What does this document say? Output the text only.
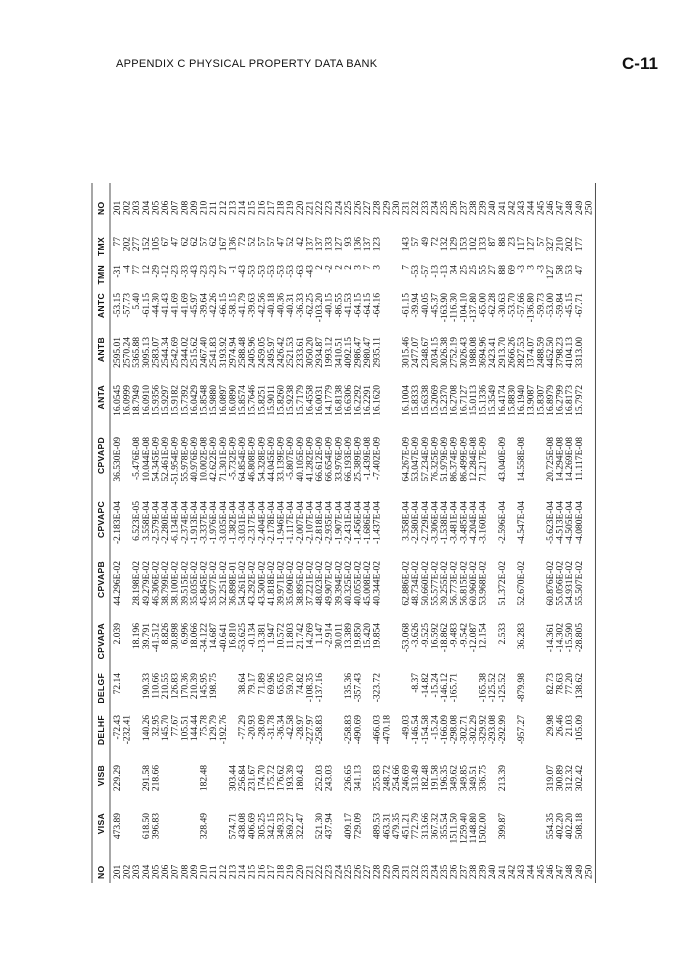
APPENDIX C PHYSICAL PROPERTY DATA BANK	C-11
NO
VISA
VISB
DELHF
DELGF
CPVAPA
CPVAPB
CPVAPC
CPVAPD
ANTA
ANTB
ANTC
TMN
TMX
NO
201
473.89
229.29
-72.43
72.14
2.039
44.296E-02
-2.183E-04
36.530E-09
16.0545
2595.01
-53.15
-31
77
201
202
-232.41
16.0999
2570.24
-57.73
-4
202
202
203
18.196
28.198E-02
6.523E-05
-5.476E-08
18.7949
5365.88
5.40
77
277
203
204
618.50
291.58
140.26
190.33
39.791
49.279E-02
3.558E-04
10.044E-08
16.0910
3095.13
-61.15
12
152
204
205
396.83
218.66
32.95
110.66
-41.512
46.306E-02
-2.579E-04
54.345E-09
15.9356
2583.07
-44.30
-29
105
205
206
145.70
210.55
8.826
38.799E-02
-2.280E-04
52.461E-09
15.9297
2544.34
-41.43
-12
67
206
207
77.67
126.83
30.898
38.100E-02
-6.134E-04
-51.954E-09
15.9182
2542.69
-41.69
-23
47
207
208
105.51
170.36
6.996
39.515E-02
-2.374E-04
55.978E-09
15.7392
2344.02
-41.69
-33
62
208
209
144.44
210.39
18.066
35.035E-02
-1.913E-04
40.976E-09
16.0429
2515.62
-45.97
-43
62
209
210
328.49
182.48
75.78
145.95
-34.122
45.845E-02
-3.337E-04
10.002E-08
15.8548
2467.40
-39.64
-23
57
210
211
129.79
198.75
14.687
35.977E-02
-1.976E-04
42.622E-09
15.9880
2541.83
-42.26
-23
62
211
212
-192.76
-40.641
32.251E-02
-3.035E-04
71.301E-09
16.0897
3193.92
-66.15
27
167
212
213
574.71
303.44
16.810
36.898E-01
-1.382E-04
-5.732E-09
16.0890
2974.94
-58.15
-1
136
213
214
438.08
256.84
-77.29
38.64
-53.625
54.261E-02
-3.031E-04
64.854E-09
15.8574
2588.48
-41.79
-43
72
214
215
406.69
231.67
-20.93
79.17
-0.134
43.292E-02
-2.317E-04
46.808E-09
15.7646
2405.96
-39.63
-53
52
215
216
305.25
174.70
-28.09
71.89
-13.381
43.500E-02
-2.404E-04
54.328E-09
15.8251
2459.05
-42.56
-53
57
216
217
342.15
175.72
-31.78
69.96
1.947
41.818E-02
-2.178E-04
44.045E-09
15.9011
2495.97
-40.18
-53
57
217
218
349.33
176.62
-36.34
65.65
10.572
39.971E-02
-1.946E-04
33.139E-09
15.8260
2426.42
-40.36
-53
47
218
219
369.27
193.39
-42.58
59.70
11.803
35.090E-02
-1.117E-04
-5.807E-09
15.9238
2521.53
-40.31
-53
52
219
220
322.47
180.43
-28.97
74.82
21.742
38.895E-02
-2.007E-04
40.105E-09
15.7179
2333.61
-36.33
-63
42
220
221
-227.97
-108.35
14.269
37.221E-02
-2.107E-04
41.282E-09
16.4558
3050.20
-62.25
-43
137
221
222
521.30
252.03
-258.83
-137.16
1.147
48.023E-02
-2.818E-04
66.612E-09
16.0031
2934.87
-103.20
2
137
222
223
437.94
243.03
-2.914
49.907E-02
-2.935E-04
66.654E-09
14.1779
1993.12
-40.15
-2
133
223
224
30.011
39.394E-02
-1.907E-04
33.976E-09
16.8138
3410.51
-86.55
2
127
224
225
409.17
236.65
-258.83
135.36
13.389
40.325E-02
-2.431E-04
66.193E-09
16.6306
4092.15
-41.53
2
93
225
226
729.09
341.13
-490.69
-357.43
19.850
40.055E-02
-1.456E-04
25.389E-09
16.2292
2986.47
-64.15
3
136
226
227
15.420
45.008E-02
-1.686E-04
-1.439E-08
16.2291
2980.47
-64.15
7
137
227
228
489.53
255.83
-466.03
-323.72
19.854
40.344E-02
-1.437E-04
-7.402E-09
16.1620
2935.11
-64.16
3
123
228
229
463.31
248.72
-470.18
229
230
479.35
254.66
230
231
451.21
246.69
-49.03
-53.068
62.886E-02
3.358E-04
64.267E-09
16.1004
3015.46
-61.15
7
143
231
232
772.79
313.49
-146.54
-8.37
-3.626
48.734E-02
-2.580E-04
53.047E-09
15.8333
2477.07
-39.94
-53
57
232
233
313.66
182.48
-154.58
-14.82
-9.525
50.660E-02
-2.729E-04
57.234E-09
15.6338
2348.67
-40.05
-57
49
233
234
367.32
191.58
-15.24
-15.24
16.592
55.577E-02
-3.306E-04
76.325E-09
15.2069
2034.15
-45.37
-13
72
234
235
355.54
196.35
-166.09
-146.12
-18.862
39.255E-02
-1.538E-04
51.979E-09
15.2370
3026.38
-163.90
-13
132
235
236
1511.50
349.62
-298.08
-165.71
-9.483
56.773E-02
-3.481E-04
86.374E-09
16.2708
2752.19
-116.30
34
129
236
237
1259.40
349.85
-302.71
-9.542
56.815E-02
-3.485E-04
86.499E-09
16.7127
3026.43
-104.10
25
153
237
238
1148.80
349.51
-302.29
-12.087
60.960E-02
-4.204E-04
12.284E-08
15.0113
1988.08
-137.80
25
102
238
239
1502.00
336.75
-329.92
-165.38
12.154
53.968E-02
-3.160E-04
71.217E-09
15.1336
3694.96
-65.00
55
133
239
240
-293.08
-125.52
15.3549
2423.41
-62.28
27
87
240
241
399.87
213.39
-292.99
-125.52
2.533
51.372E-02
-2.596E-04
43.040E-09
16.4174
2913.70
-30.63
88
88
241
242
15.8830
2666.26
-53.70
69
23
242
243
-957.27
-879.98
36.283
52.670E-02
-4.547E-04
14.558E-08
16.1940
2827.53
-57.66
-3
117
243
244
13.9087
1374.07
-136.80
3
127
244
245
15.8307
2488.59
-59.73
-3
57
245
246
554.35
319.07
29.98
82.73
-14.361
60.876E-02
-5.623E-04
20.725E-08
16.8979
4452.50
-53.00
127
327
246
247
402.20
300.89
26.46
78.63
-14.302
55.056E-02
-4.513E-04
14.294E-08
16.2799
3798.23
-59.84
58
210
247
248
402.20
312.32
21.03
77.20
-15.590
54.931E-02
-4.505E-04
14.269E-08
16.8173
4104.13
-45.15
53
202
248
249
508.18
302.42
105.09
138.62
-28.805
55.507E-02
-4.080E-04
11.117E-08
15.7972
3313.00
-67.71
47
177
249
250
250
